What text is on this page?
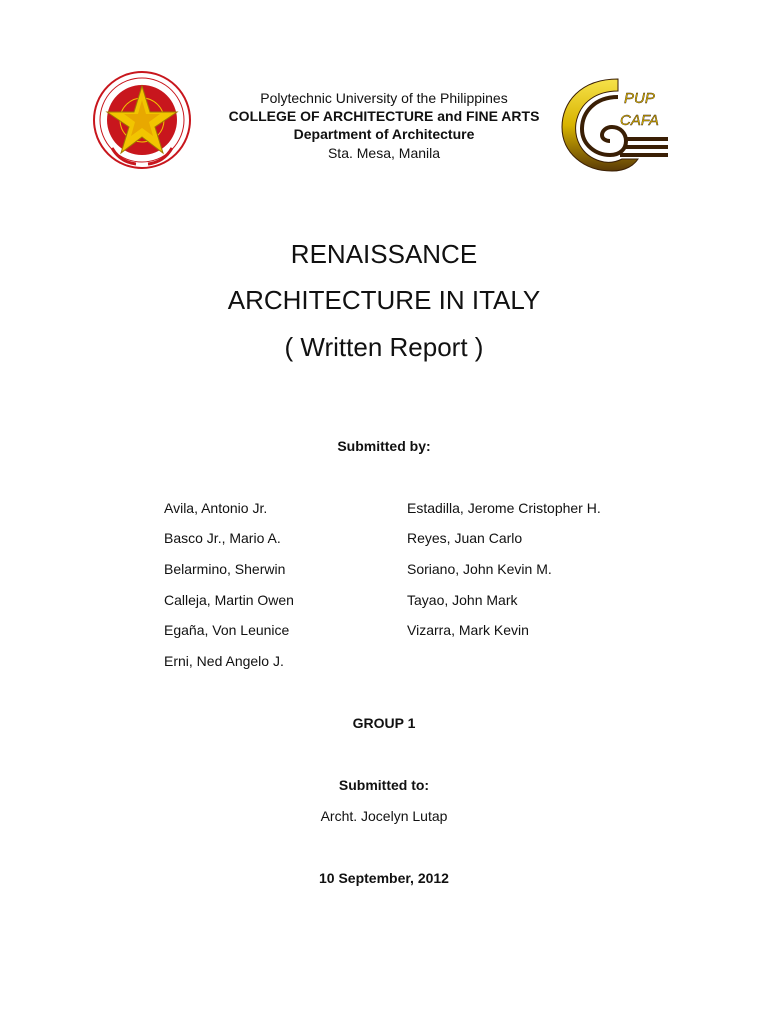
Polytechnic University of the Philippines
COLLEGE OF ARCHITECTURE and FINE ARTS
Department of Architecture
Sta. Mesa, Manila
PUP
CAFA
RENAISSANCE
ARCHITECTURE IN ITALY
( Written Report )
Submitted by:
Avila, Antonio Jr.
Basco Jr., Mario A.
Belarmino, Sherwin
Calleja, Martin Owen
Egaña, Von Leunice
Erni, Ned Angelo J.
Estadilla, Jerome Cristopher H.
Reyes, Juan Carlo
Soriano, John Kevin M.
Tayao, John Mark
Vizarra, Mark Kevin
GROUP 1
Submitted to:
Archt. Jocelyn Lutap
10 September, 2012
